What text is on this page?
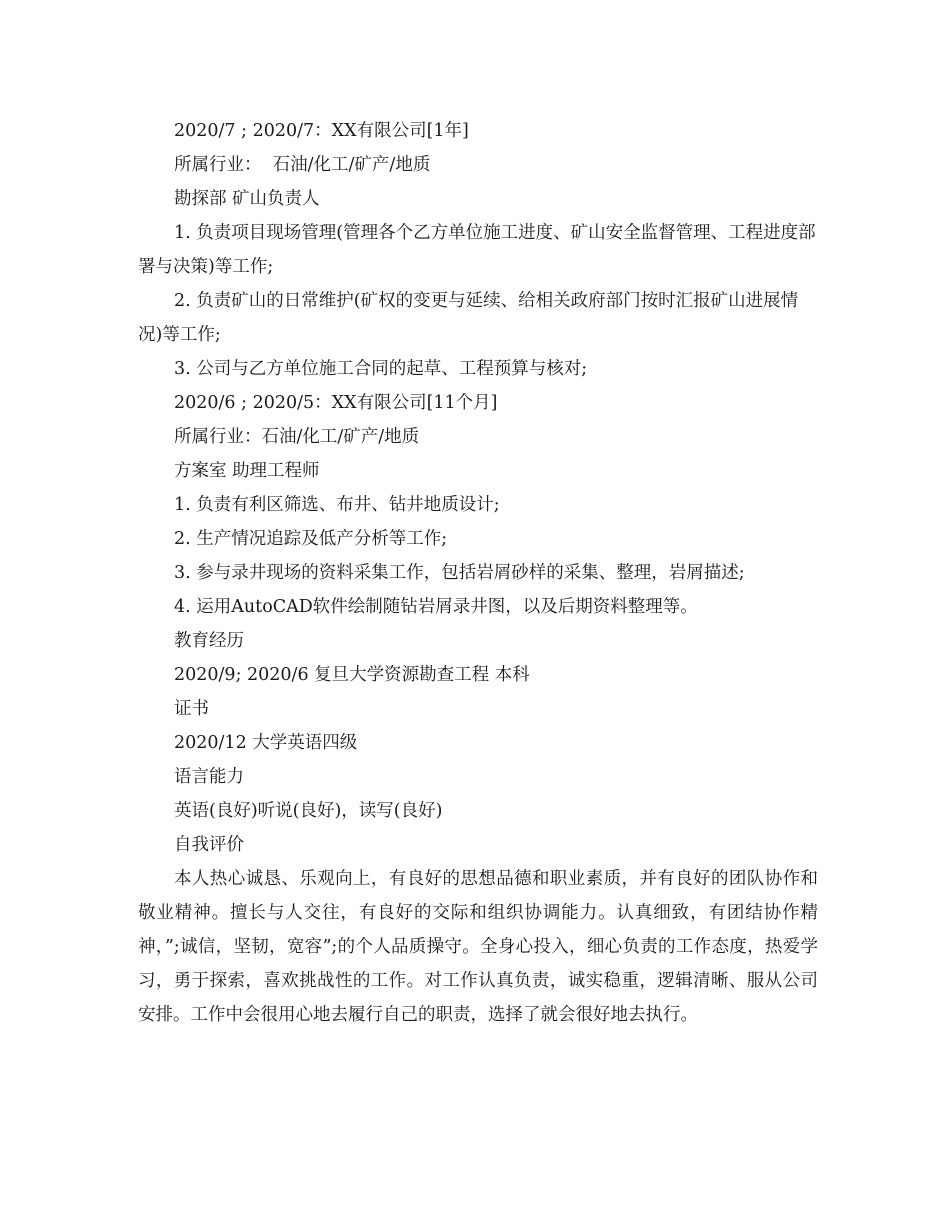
2020/7 ; 2020/7：XX有限公司[1年]

所属行业：  石油/化工/矿产/地质

勘探部 矿山负责人

1. 负责项目现场管理(管理各个乙方单位施工进度、矿山安全监督管理、工程进度部署与决策)等工作;

2. 负责矿山的日常维护(矿权的变更与延续、给相关政府部门按时汇报矿山进展情况)等工作;

3. 公司与乙方单位施工合同的起草、工程预算与核对;

2020/6 ; 2020/5：XX有限公司[11个月]

所属行业：石油/化工/矿产/地质

方案室 助理工程师

1. 负责有利区筛选、布井、钻井地质设计;

2. 生产情况追踪及低产分析等工作;

3. 参与录井现场的资料采集工作，包括岩屑砂样的采集、整理，岩屑描述;

4. 运用AutoCAD软件绘制随钻岩屑录井图，以及后期资料整理等。

教育经历

2020/9; 2020/6 复旦大学资源勘查工程 本科

证书

2020/12 大学英语四级

语言能力

英语(良好)听说(良好)，读写(良好)

自我评价

本人热心诚恳、乐观向上，有良好的思想品德和职业素质，并有良好的团队协作和敬业精神。擅长与人交往，有良好的交际和组织协调能力。认真细致，有团结协作精神，”;诚信，坚韧，宽容”;的个人品质操守。全身心投入，细心负责的工作态度，热爱学习，勇于探索，喜欢挑战性的工作。对工作认真负责，诚实稳重，逻辑清晰、服从公司安排。工作中会很用心地去履行自己的职责，选择了就会很好地去执行。
